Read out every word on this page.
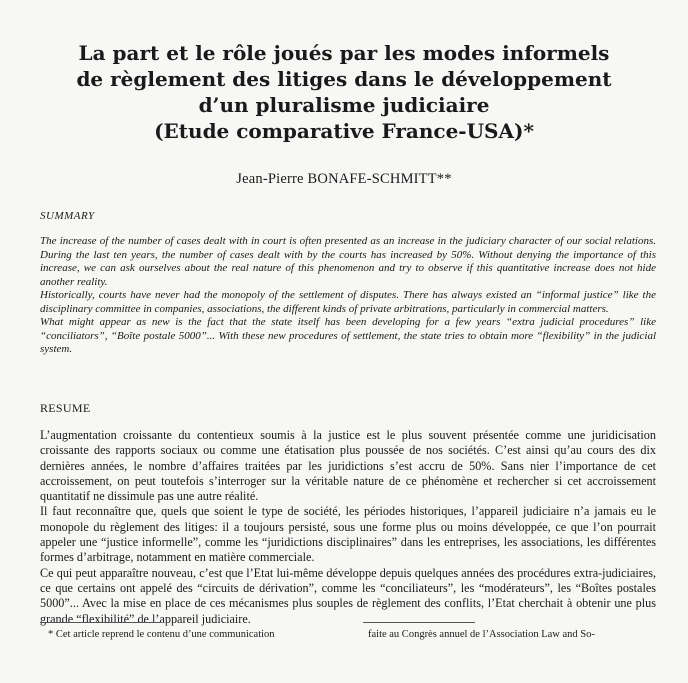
La part et le rôle joués par les modes informels
de règlement des litiges dans le développement
d’un pluralisme judiciaire
(Etude comparative France-USA)*
Jean-Pierre BONAFE-SCHMITT**
SUMMARY

The increase of the number of cases dealt with in court is often presented as an increase in the judiciary character of our social relations. During the last ten years, the number of cases dealt with by the courts has increased by 50%. Without denying the importance of this increase, we can ask ourselves about the real nature of this phenomenon and try to observe if this quantitative increase does not hide another reality.

Historically, courts have never had the monopoly of the settlement of disputes. There has always existed an “informal justice” like the disciplinary committee in companies, associations, the different kinds of private arbitrations, particularly in commercial matters.

What might appear as new is the fact that the state itself has been developing for a few years “extra judicial procedures” like “conciliators”, “Boîte postale 5000”... With these new procedures of settlement, the state tries to obtain more “flexibility” in the judicial system.

RESUME

L’augmentation croissante du contentieux soumis à la justice est le plus souvent présentée comme une juridicisation croissante des rapports sociaux ou comme une étatisation plus poussée de nos sociétés. C’est ainsi qu’au cours des dix dernières années, le nombre d’affaires traitées par les juridictions s’est accru de 50%. Sans nier l’importance de cet accroissement, on peut toutefois s’interroger sur la véritable nature de ce phénomène et rechercher si cet accroissement quantitatif ne dissimule pas une autre réalité.

Il faut reconnaître que, quels que soient le type de société, les périodes historiques, l’appareil judiciaire n’a jamais eu le monopole du règlement des litiges: il a toujours persisté, sous une forme plus ou moins développée, ce que l’on pourrait appeler une “justice informelle”, comme les “juridictions disciplinaires” dans les entreprises, les associations, les différentes formes d’arbitrage, notamment en matière commerciale.

Ce qui peut apparaître nouveau, c’est que l’Etat lui-même développe depuis quelques années des procédures extra-judiciaires, ce que certains ont appelé des “circuits de dérivation”, comme les “conciliateurs”, les “modérateurs”, les “Boîtes postales 5000”... Avec la mise en place de ces mécanismes plus souples de règlement des conflits, l’Etat cherchait à obtenir une plus grande “flexibilité” de l’appareil judiciaire.

* Cet article reprend le contenu d’une communication	faite au Congrès annuel de l’Association Law and So-
